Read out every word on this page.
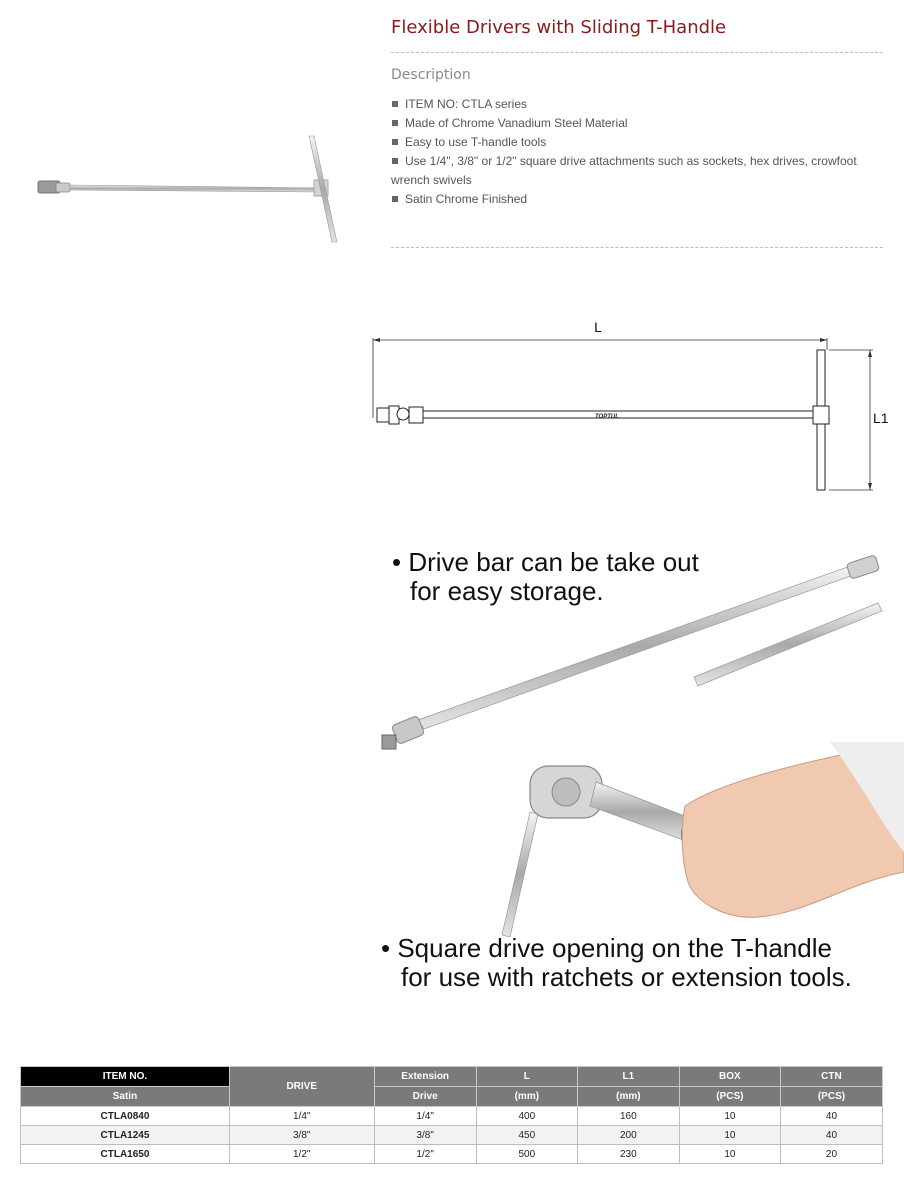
Flexible Drivers with Sliding T-Handle
Description
ITEM NO: CTLA series
Made of Chrome Vanadium Steel Material
Easy to use T-handle tools
Use 1/4", 3/8" or 1/2" square drive attachments such as sockets, hex drives, crowfoot wrench swivels
Satin Chrome Finished
L
L1
TOPTUL
• Drive bar can be take out
for easy storage.
• Square drive opening on the T-handle
for use with ratchets or extension tools.
ITEM NO.	DRIVE	Extension	L	L1	BOX	CTN
Satin		Drive	(mm)	(mm)	(PCS)	(PCS)
CTLA0840	1/4"	1/4"	400	160	10	40
CTLA1245	3/8"	3/8"	450	200	10	40
CTLA1650	1/2"	1/2"	500	230	10	20
